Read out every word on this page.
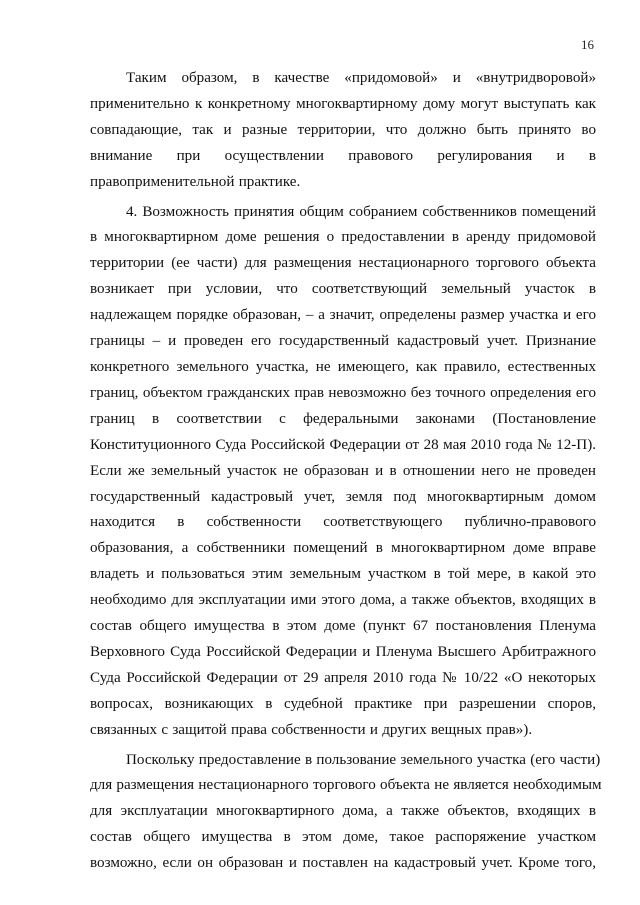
16

Таким образом, в качестве «придомовой» и «внутридворовой»
применительно к конкретному многоквартирному дому могут выступать как
совпадающие, так и разные территории, что должно быть принято во
внимание при осуществлении правового регулирования и в
правоприменительной практике.

4. Возможность принятия общим собранием собственников помещений
в многоквартирном доме решения о предоставлении в аренду придомовой
территории (ее части) для размещения нестационарного торгового объекта
возникает при условии, что соответствующий земельный участок в
надлежащем порядке образован, – а значит, определены размер участка и его
границы – и проведен его государственный кадастровый учет. Признание
конкретного земельного участка, не имеющего, как правило, естественных
границ, объектом гражданских прав невозможно без точного определения его
границ в соответствии с федеральными законами (Постановление
Конституционного Суда Российской Федерации от 28 мая 2010 года № 12-П).
Если же земельный участок не образован и в отношении него не проведен
государственный кадастровый учет, земля под многоквартирным домом
находится в собственности соответствующего публично-правового
образования, а собственники помещений в многоквартирном доме вправе
владеть и пользоваться этим земельным участком в той мере, в какой это
необходимо для эксплуатации ими этого дома, а также объектов, входящих в
состав общего имущества в этом доме (пункт 67 постановления Пленума
Верховного Суда Российской Федерации и Пленума Высшего Арбитражного
Суда Российской Федерации от 29 апреля 2010 года № 10/22 «О некоторых
вопросах, возникающих в судебной практике при разрешении споров,
связанных с защитой права собственности и других вещных прав»).

Поскольку предоставление в пользование земельного участка (его части)
для размещения нестационарного торгового объекта не является необходимым
для эксплуатации многоквартирного дома, а также объектов, входящих в
состав общего имущества в этом доме, такое распоряжение участком
возможно, если он образован и поставлен на кадастровый учет. Кроме того,
